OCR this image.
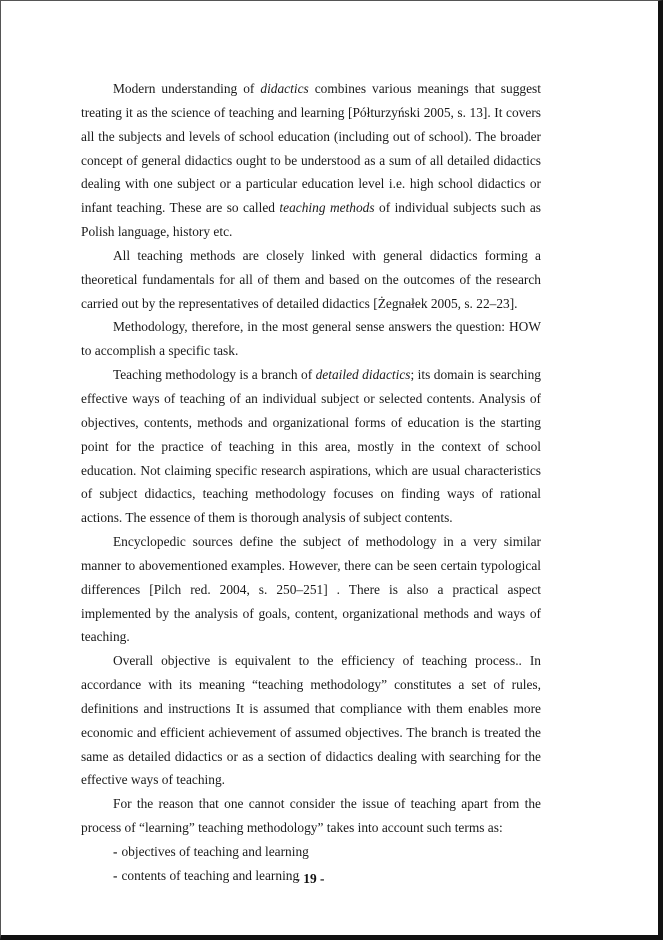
Modern understanding of didactics combines various meanings that suggest treating it as the science of teaching and learning [Półturzyński 2005, s. 13]. It covers all the subjects and levels of school education (including out of school). The broader concept of general didactics ought to be understood as a sum of all detailed didactics dealing with one subject or a particular education level i.e. high school didactics or infant teaching. These are so called teaching methods of individual subjects such as Polish language, history etc.

All teaching methods are closely linked with general didactics forming a theoretical fundamentals for all of them and based on the outcomes of the research carried out by the representatives of detailed didactics [Żegnałek 2005, s. 22–23].

Methodology, therefore, in the most general sense answers the question: HOW to accomplish a specific task.

Teaching methodology is a branch of detailed didactics; its domain is searching effective ways of teaching of an individual subject or selected contents. Analysis of objectives, contents, methods and organizational forms of education is the starting point for the practice of teaching in this area, mostly in the context of school education. Not claiming specific research aspirations, which are usual characteristics of subject didactics, teaching methodology focuses on finding ways of rational actions. The essence of them is thorough analysis of subject contents.

Encyclopedic sources define the subject of methodology in a very similar manner to abovementioned examples. However, there can be seen certain typological differences [Pilch red. 2004, s. 250–251] . There is also a practical aspect implemented by the analysis of goals, content, organizational methods and ways of teaching.

Overall objective is equivalent to the efficiency of teaching process.. In accordance with its meaning “teaching methodology” constitutes a set of rules, definitions and instructions It is assumed that compliance with them enables more economic and efficient achievement of assumed objectives. The branch is treated the same as detailed didactics or as a section of didactics dealing with searching for the effective ways of teaching.

For the reason that one cannot consider the issue of teaching apart from the process of “learning” teaching methodology” takes into account such terms as:

- objectives of teaching and learning
- contents of teaching and learning
- 19 -
